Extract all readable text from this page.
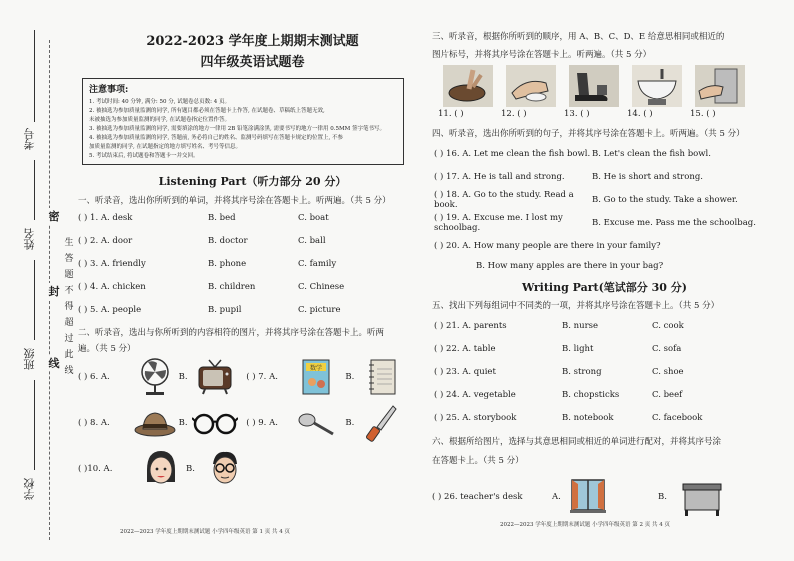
考号
姓名
班级
学校
密
封
线
生答题不得超过此线
2022-2023 学年度上期期末测试题
四年级英语试题卷
注意事项:

1. 考试时间: 40 分钟, 满分: 50 分, 试题卷总页数: 4 页。

2. 被抽选为参加质量监测的同学, 所有题目都必须在答题卡上作答, 在试题卷、草稿纸上答题无效,

未被抽选为参加质量监测的同学, 在试题卷指定位置作答。

3. 被抽选为参加质量监测的同学, 需要填涂的地方一律用 2B 铅笔涂满涂黑, 需要书写的地方一律用 0.5MM 签字笔书写。

4. 被抽选为参加质量监测的同学, 答题前, 务必将自己的姓名、监测号码填写在答题卡规定的位置上, 不参

加质量监测的同学, 在试题指定的地方填写姓名、考号等信息。

5. 考试结束后, 将试题卷和答题卡一并交回。

Listening Part（听力部分 20 分）
一、听录音，选出你所听到的单词，并将其序号涂在答题卡上。听两遍。（共 5 分）
( ) 1. A. desk	B. bed	C. boat
( ) 2. A. door	B. doctor	C. ball
( ) 3. A. friendly	B. phone	C. family
( ) 4. A. chicken	B. children	C. Chinese
( ) 5. A. people	B. pupil	C. picture
二、听录音，选出与你所听到的内容相符的图片，并将其序号涂在答题卡上。听两
遍。（共 5 分）
( ) 6. A.	B.	( ) 7. A.
数学
B.
( ) 8. A.	B.	( ) 9. A.	B.
( )10. A.	B.
2022—2023 学年度上期期末测试题 小学四年级英语 第 1 页 共 4 页
三、听录音，根据你所听到的顺序，用 A、B、C、D、E 给意思相同或相近的
图片标号，并将其序号涂在答题卡上。听两遍。（共 5 分）
11. ( )	12. ( )	13. ( )	14. ( )	15. ( )
四、听录音，选出你所听到的句子，并将其序号涂在答题卡上。听两遍。（共 5 分）
( ) 16. A. Let me clean the fish bowl. B. Let's clean the fish bowl.
( ) 17. A. He is tall and strong.	B. He is short and strong.
( ) 18. A. Go to the study. Read a book.	B. Go to the study. Take a shower.
( ) 19. A. Excuse me. I lost my schoolbag.	B. Excuse me. Pass me the schoolbag.
( ) 20. A. How many people are there in your family?
B. How many apples are there in your bag?
Writing Part(笔试部分 30 分)
五、找出下列每组词中不同类的一项，并将其序号涂在答题卡上。（共 5 分）
( ) 21. A. parents	B. nurse	C. cook
( ) 22. A. table	B. light	C. sofa
( ) 23. A. quiet	B. strong	C. shoe
( ) 24. A. vegetable	B. chopsticks	C. beef
( ) 25. A. storybook	B. notebook	C. facebook
六、根据所给图片，选择与其意思相同或相近的单词进行配对，并将其序号涂
在答题卡上。（共 5 分）
( ) 26. teacher's desk	A.	B.
2022—2023 学年度上期期末测试题 小学四年级英语 第 2 页 共 4 页
